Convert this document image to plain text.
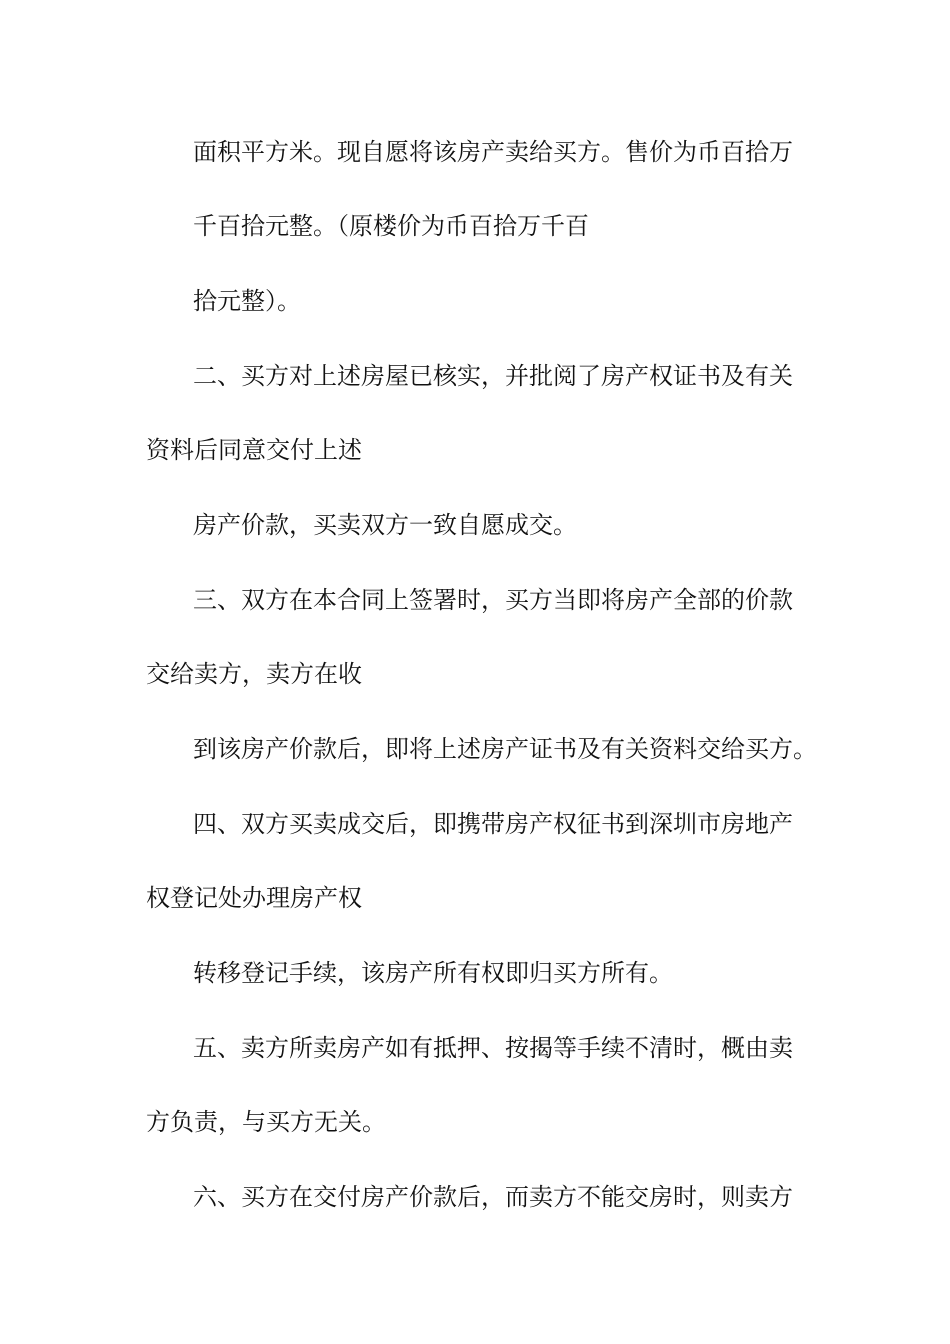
面积平方米。现自愿将该房产卖给买方。售价为币百拾万

千百拾元整。（原楼价为币百拾万千百

拾元整）。

二、买方对上述房屋已核实，并批阅了房产权证书及有关

资料后同意交付上述

房产价款，买卖双方一致自愿成交。

三、双方在本合同上签署时，买方当即将房产全部的价款

交给卖方，卖方在收

到该房产价款后，即将上述房产证书及有关资料交给买方。

四、双方买卖成交后，即携带房产权征书到深圳市房地产

权登记处办理房产权

转移登记手续，该房产所有权即归买方所有。

五、卖方所卖房产如有抵押、按揭等手续不清时，概由卖

方负责，与买方无关。

六、买方在交付房产价款后，而卖方不能交房时，则卖方
